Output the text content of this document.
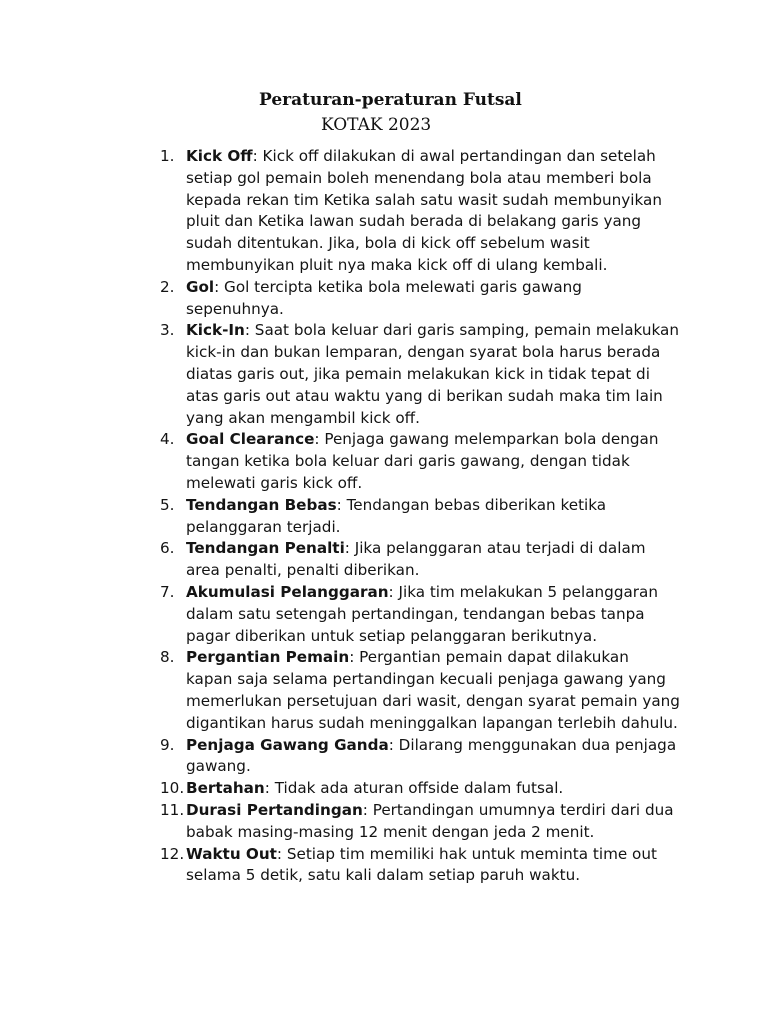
Peraturan-peraturan Futsal
KOTAK 2023
1. Kick Off: Kick off dilakukan di awal pertandingan dan setelah setiap gol pemain boleh menendang bola atau memberi bola kepada rekan tim Ketika salah satu wasit sudah membunyikan pluit dan Ketika lawan sudah berada di belakang garis yang sudah ditentukan. Jika, bola di kick off sebelum wasit membunyikan pluit nya maka kick off di ulang kembali.
2. Gol: Gol tercipta ketika bola melewati garis gawang sepenuhnya.
3. Kick-In: Saat bola keluar dari garis samping, pemain melakukan kick-in dan bukan lemparan, dengan syarat bola harus berada diatas garis out, jika pemain melakukan kick in tidak tepat di atas garis out atau waktu yang di berikan sudah maka tim lain yang akan mengambil kick off.
4. Goal Clearance: Penjaga gawang melemparkan bola dengan tangan ketika bola keluar dari garis gawang, dengan tidak melewati garis kick off.
5. Tendangan Bebas: Tendangan bebas diberikan ketika pelanggaran terjadi.
6. Tendangan Penalti: Jika pelanggaran atau terjadi di dalam area penalti, penalti diberikan.
7. Akumulasi Pelanggaran: Jika tim melakukan 5 pelanggaran dalam satu setengah pertandingan, tendangan bebas tanpa pagar diberikan untuk setiap pelanggaran berikutnya.
8. Pergantian Pemain: Pergantian pemain dapat dilakukan kapan saja selama pertandingan kecuali penjaga gawang yang memerlukan persetujuan dari wasit, dengan syarat pemain yang digantikan harus sudah meninggalkan lapangan terlebih dahulu.
9. Penjaga Gawang Ganda: Dilarang menggunakan dua penjaga gawang.
10. Bertahan: Tidak ada aturan offside dalam futsal.
11. Durasi Pertandingan: Pertandingan umumnya terdiri dari dua babak masing-masing 12 menit dengan jeda 2 menit.
12. Waktu Out: Setiap tim memiliki hak untuk meminta time out selama 5 detik, satu kali dalam setiap paruh waktu.
